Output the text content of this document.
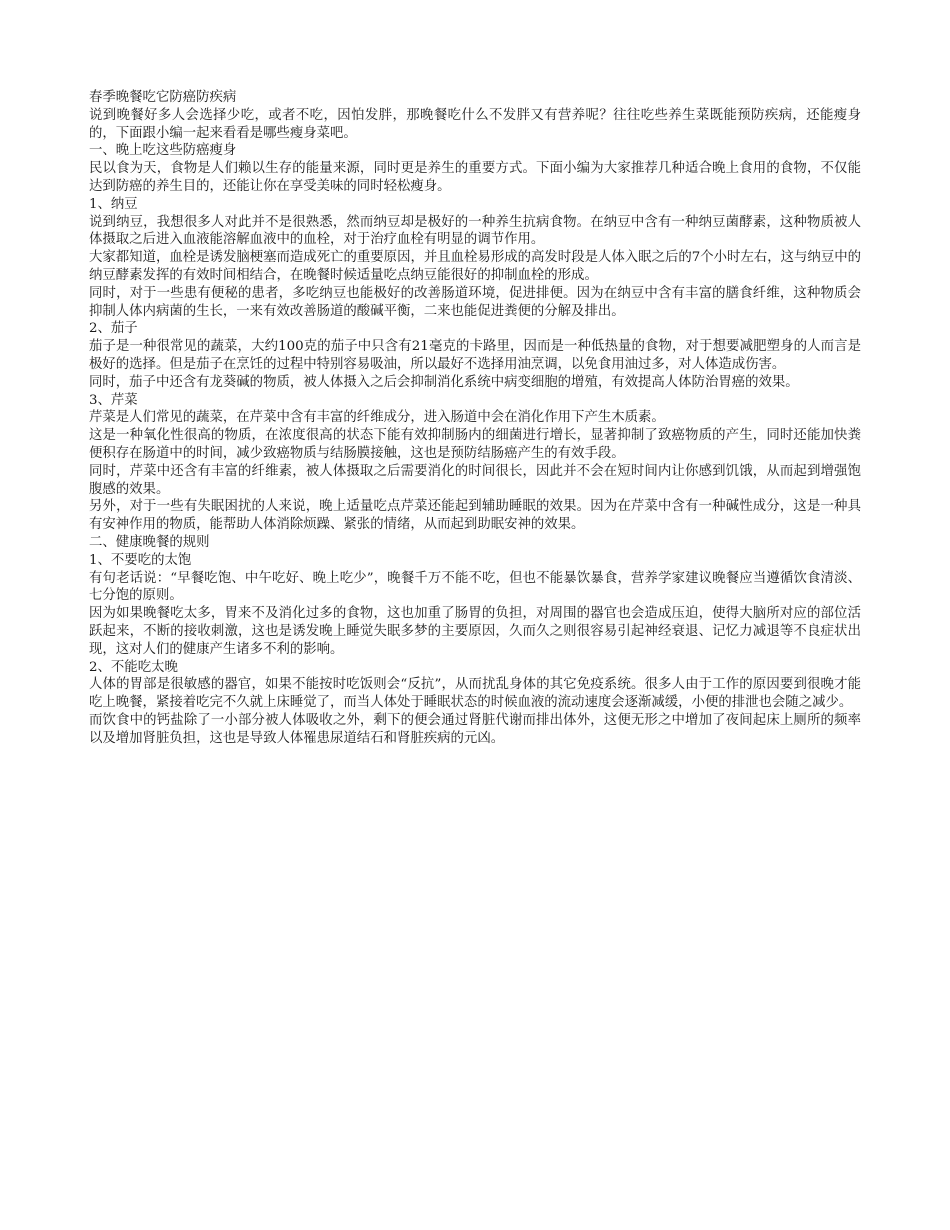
春季晚餐吃它防癌防疾病

说到晚餐好多人会选择少吃，或者不吃，因怕发胖，那晚餐吃什么不发胖又有营养呢？往往吃些养生菜既能预防疾病，还能瘦身的，下面跟小编一起来看看是哪些瘦身菜吧。

一、晚上吃这些防癌瘦身

民以食为天，食物是人们赖以生存的能量来源，同时更是养生的重要方式。下面小编为大家推荐几种适合晚上食用的食物，不仅能达到防癌的养生目的，还能让你在享受美味的同时轻松瘦身。

1、纳豆

说到纳豆，我想很多人对此并不是很熟悉，然而纳豆却是极好的一种养生抗病食物。在纳豆中含有一种纳豆菌酵素，这种物质被人体摄取之后进入血液能溶解血液中的血栓，对于治疗血栓有明显的调节作用。

大家都知道，血栓是诱发脑梗塞而造成死亡的重要原因，并且血栓易形成的高发时段是人体入眠之后的7个小时左右，这与纳豆中的纳豆酵素发挥的有效时间相结合，在晚餐时候适量吃点纳豆能很好的抑制血栓的形成。

同时，对于一些患有便秘的患者，多吃纳豆也能极好的改善肠道环境，促进排便。因为在纳豆中含有丰富的膳食纤维，这种物质会抑制人体内病菌的生长，一来有效改善肠道的酸碱平衡，二来也能促进粪便的分解及排出。

2、茄子

茄子是一种很常见的蔬菜，大约100克的茄子中只含有21毫克的卡路里，因而是一种低热量的食物，对于想要减肥塑身的人而言是极好的选择。但是茄子在烹饪的过程中特别容易吸油，所以最好不选择用油烹调，以免食用油过多，对人体造成伤害。

同时，茄子中还含有龙葵碱的物质，被人体摄入之后会抑制消化系统中病变细胞的增殖，有效提高人体防治胃癌的效果。

3、芹菜

芹菜是人们常见的蔬菜，在芹菜中含有丰富的纤维成分，进入肠道中会在消化作用下产生木质素。

这是一种氧化性很高的物质，在浓度很高的状态下能有效抑制肠内的细菌进行增长，显著抑制了致癌物质的产生，同时还能加快粪便积存在肠道中的时间，减少致癌物质与结肠膜接触，这也是预防结肠癌产生的有效手段。

同时，芹菜中还含有丰富的纤维素，被人体摄取之后需要消化的时间很长，因此并不会在短时间内让你感到饥饿，从而起到增强饱腹感的效果。

另外，对于一些有失眠困扰的人来说，晚上适量吃点芹菜还能起到辅助睡眠的效果。因为在芹菜中含有一种碱性成分，这是一种具有安神作用的物质，能帮助人体消除烦躁、紧张的情绪，从而起到助眠安神的效果。

二、健康晚餐的规则

1、不要吃的太饱

有句老话说：“早餐吃饱、中午吃好、晚上吃少”，晚餐千万不能不吃，但也不能暴饮暴食，营养学家建议晚餐应当遵循饮食清淡、七分饱的原则。

因为如果晚餐吃太多，胃来不及消化过多的食物，这也加重了肠胃的负担，对周围的器官也会造成压迫，使得大脑所对应的部位活跃起来，不断的接收刺激，这也是诱发晚上睡觉失眠多梦的主要原因，久而久之则很容易引起神经衰退、记忆力减退等不良症状出现，这对人们的健康产生诸多不利的影响。

2、不能吃太晚

人体的胃部是很敏感的器官，如果不能按时吃饭则会“反抗”，从而扰乱身体的其它免疫系统。很多人由于工作的原因要到很晚才能吃上晚餐，紧接着吃完不久就上床睡觉了，而当人体处于睡眠状态的时候血液的流动速度会逐渐减缓，小便的排泄也会随之减少。

而饮食中的钙盐除了一小部分被人体吸收之外，剩下的便会通过肾脏代谢而排出体外，这便无形之中增加了夜间起床上厕所的频率以及增加肾脏负担，这也是导致人体罹患尿道结石和肾脏疾病的元凶。
